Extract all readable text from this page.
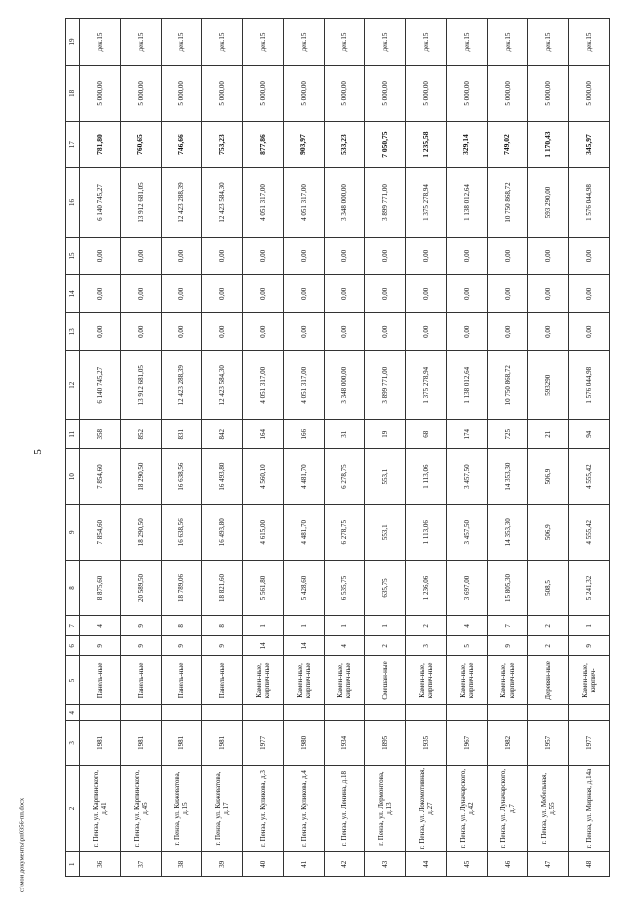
5
c:\мои документы\рп0356-пп.docx	1	2	3	4	5	6	7	8	9	10	11	12	13	14	15	16	17	18	19
36	г. Пенза, ул. Карпинского, д.41	1981		Панель-ные	9	4	8 875,60	7 854,60	7 854,60	358	6 140 745,27	0,00	0,00	0,00	6 140 745,27	781,80	5 000,00	дек.15
37	г. Пенза, ул. Карпинского, д.45	1981		Панель-ные	9	9	20 589,50	18 290,50	18 290,50	852	13 912 681,05	0,00	0,00	0,00	13 912 681,05	760,65	5 000,00	дек.15
38	г. Пенза, ул. Кижеватова, д.15	1981		Панель-ные	9	8	18 789,06	16 638,56	16 638,56	831	12 423 288,39	0,00	0,00	0,00	12 423 288,39	746,66	5 000,00	дек.15
39	г. Пенза, ул. Кижеватова, д.17	1981		Панель-ные	9	8	18 821,60	16 493,80	16 493,80	842	12 423 584,30	0,00	0,00	0,00	12 423 584,30	753,23	5 000,00	дек.15
40	г. Пенза, ул. Куликова, д.3	1977		Камен-ные, кирпич-ные	14	1	5 561,80	4 615,00	4 560,10	164	4 051 317,00	0,00	0,00	0,00	4 051 317,00	877,86	5 000,00	дек.15
41	г. Пенза, ул. Куликова, д.4	1980		Камен-ные, кирпич-ные	14	1	5 428,60	4 481,70	4 481,70	166	4 051 317,00	0,00	0,00	0,00	4 051 317,00	903,97	5 000,00	дек.15
42	г. Пенза, ул. Ленина, д.18	1934		Камен-ные, кирпич-ные	4	1	6 535,75	6 278,75	6 278,75	31	3 348 000,00	0,00	0,00	0,00	3 348 000,00	533,23	5 000,00	дек.15
43	г. Пенза, ул. Лермонтова, д.13	1895		Смешан-ные	2	1	635,75	553,1	553,1	19	3 899 771,00	0,00	0,00	0,00	3 899 771,00	7 050,75	5 000,00	дек.15
44	г. Пенза, ул. Локомотивная, д.27	1935		Камен-ные, кирпич-ные	3	2	1 236,06	1 113,06	1 113,06	68	1 375 278,94	0,00	0,00	0,00	1 375 278,94	1 235,58	5 000,00	дек.15
45	г. Пенза, ул. Луначарского, д.42	1967		Камен-ные, кирпич-ные	5	4	3 697,00	3 457,50	3 457,50	174	1 138 012,64	0,00	0,00	0,00	1 138 012,64	329,14	5 000,00	дек.15
46	г. Пенза, ул. Луначарского, д.7	1982		Камен-ные, кирпич-ные	9	7	15 805,30	14 353,30	14 353,30	725	10 750 868,72	0,00	0,00	0,00	10 750 868,72	749,02	5 000,00	дек.15
47	г. Пенза, ул. Мебельная, д.55	1957		Деревян-ные	2	2	508,5	506,9	506,9	21	593290	0,00	0,00	0,00	593 290,00	1 170,43	5 000,00	дек.15
48	г. Пенза, ул. Мирная, д.14а	1977		Камен-ные, кирпич-	9	1	5 241,32	4 555,42	4 555,42	94	1 576 044,98	0,00	0,00	0,00	1 576 044,98	345,97	5 000,00	дек.15
